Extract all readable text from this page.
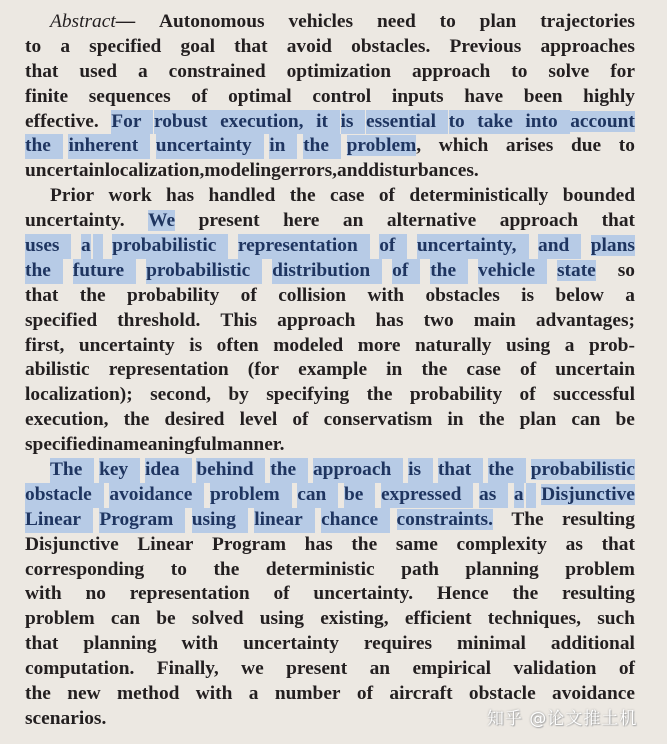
Abstract— Autonomous vehicles need to plan trajectories
to a specified goal that avoid obstacles. Previous approaches
that used a constrained optimization approach to solve for
finite sequences of optimal control inputs have been highly
effective. For robust execution, it is essential to take into account
the inherent uncertainty in the problem, which arises due to
uncertain localization, modeling errors, and disturbances.
Prior work has handled the case of deterministically bounded
uncertainty. We present here an alternative approach that
uses a probabilistic representation of uncertainty, and plans
the future probabilistic distribution of the vehicle state so
that the probability of collision with obstacles is below a
specified threshold. This approach has two main advantages;
first, uncertainty is often modeled more naturally using a prob-
abilistic representation (for example in the case of uncertain
localization); second, by specifying the probability of successful
execution, the desired level of conservatism in the plan can be
specified in a meaningful manner.
The key idea behind the approach is that the probabilistic
obstacle avoidance problem can be expressed as a Disjunctive
Linear Program using linear chance constraints. The resulting
Disjunctive Linear Program has the same complexity as that
corresponding to the deterministic path planning problem
with no representation of uncertainty. Hence the resulting
problem can be solved using existing, efficient techniques, such
that planning with uncertainty requires minimal additional
computation. Finally, we present an empirical validation of
the new method with a number of aircraft obstacle avoidance
scenarios.	知乎 @论文推土机
